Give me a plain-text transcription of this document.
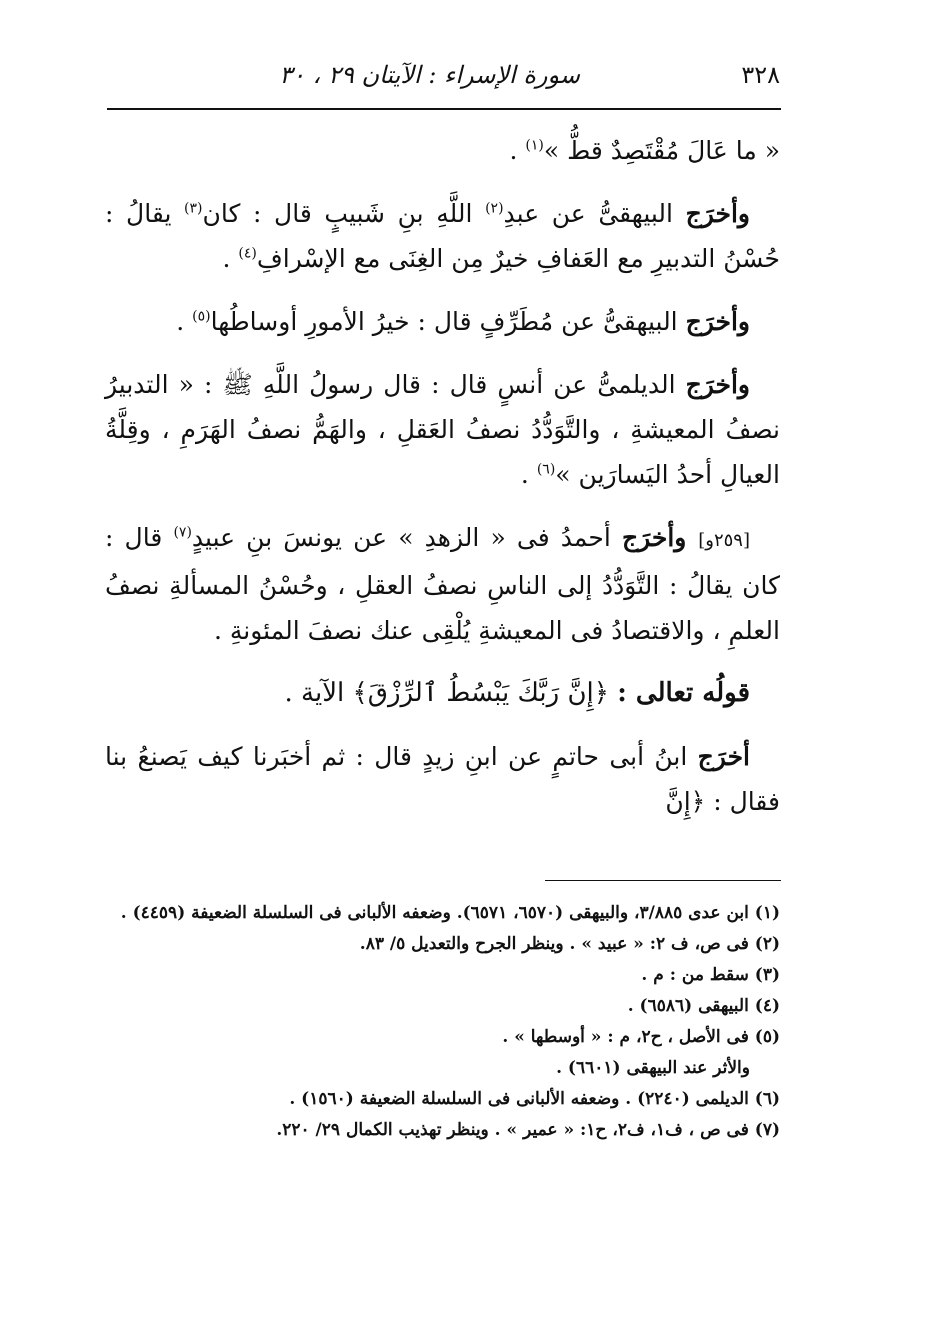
٣٢٨
سورة الإسراء : الآيتان ٢٩ ، ٣٠

« ما عَالَ مُقْتَصِدٌ قطُّ »$^{(١)}$ .

وأخرَج البيهقىُّ عن عبدِ$^{(٢)}$ اللَّهِ بنِ شَبيبٍ قال : كان$^{(٣)}$ يقالُ : حُسْنُ التدبيرِ مع العَفافِ خيرٌ مِن الغِنَى مع الإسْرافِ$^{(٤)}$ .

وأخرَج البيهقىُّ عن مُطَرِّفٍ قال : خيرُ الأمورِ أوساطُها$^{(٥)}$ .

وأخرَج الديلمىُّ عن أنسٍ قال : قال رسولُ اللَّهِ ﷺ : « التدبيرُ نصفُ المعيشةِ ، والتَّوَدُّدُ نصفُ العَقلِ ، والهَمُّ نصفُ الهَرَمِ ، وقِلَّةُ العيالِ أحدُ اليَسارَين »$^{(٦)}$ .

[٢٥٩و] وأخرَج أحمدُ فى « الزهدِ » عن يونسَ بنِ عبيدٍ$^{(٧)}$ قال : كان يقالُ : التَّوَدُّدُ إلى الناسِ نصفُ العقلِ ، وحُسْنُ المسألةِ نصفُ العلمِ ، والاقتصادُ فى المعيشةِ يُلْقِى عنك نصفَ المئونةِ .

قولُه تعالى : ﴿إِنَّ رَبَّكَ يَبْسُطُ ٱلرِّزْقَ﴾ الآية .

أخرَج ابنُ أبى حاتمٍ عن ابنِ زيدٍ قال : ثم أخبَرنا كيف يَصنعُ بنا فقال : ﴿إِنَّ

(١) ابن عدى ٣/٨٨٥، والبيهقى (٦٥٧٠، ٦٥٧١). وضعفه الألبانى فى السلسلة الضعيفة (٤٤٥٩) .

(٢) فى ص، ف ٢: « عبيد » . وينظر الجرح والتعديل ٥/ ٨٣.

(٣) سقط من : م .

(٤) البيهقى (٦٥٨٦) .

(٥) فى الأصل ، ح٢، م : « أوسطها » .

والأثر عند البيهقى (٦٦٠١) .

(٦) الديلمى (٢٢٤٠) . وضعفه الألبانى فى السلسلة الضعيفة (١٥٦٠) .

(٧) فى ص ، ف١، ف٢، ح١: « عمير » . وينظر تهذيب الكمال ٢٩/ ٢٢٠.
